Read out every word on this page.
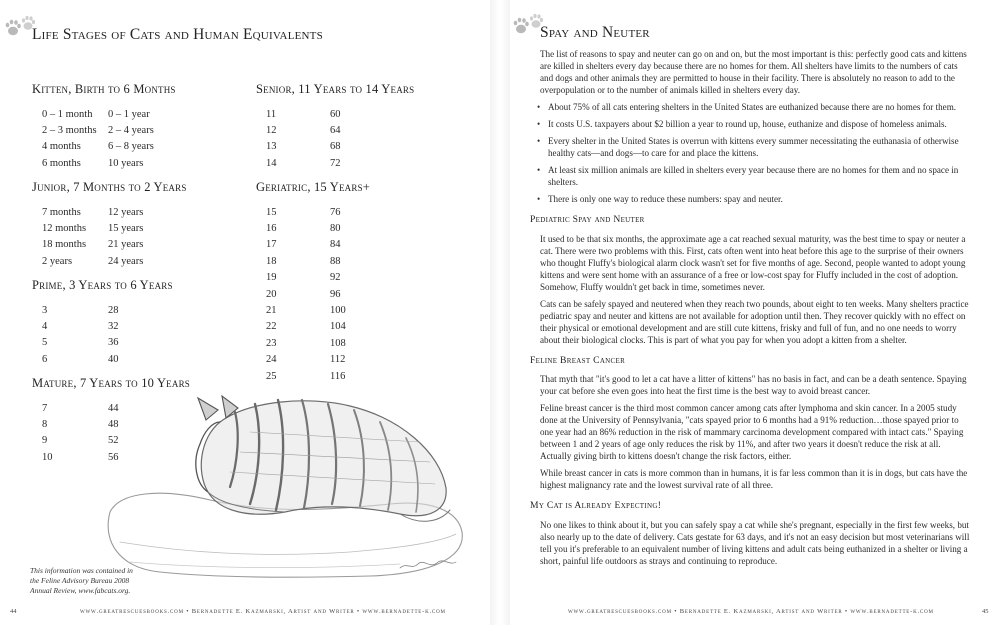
Life Stages of Cats and Human Equivalents
Kitten, Birth to 6 Months
0 – 1 month	0 – 1 year
2 – 3 months	2 – 4 years
4 months	6 – 8 years
6 months	10 years
Junior, 7 Months to 2 Years
7 months	12 years
12 months	15 years
18 months	21 years
2 years	24 years
Prime, 3 Years to 6 Years
3	28
4	32
5	36
6	40
Mature, 7 Years to 10 Years
7	44
8	48
9	52
10	56
Senior, 11 Years to 14 Years
11	60
12	64
13	68
14	72
Geriatric, 15 Years+
15	76
16	80
17	84
18	88
19	92
20	96
21	100
22	104
23	108
24	112
25	116
This information was contained in the Feline Advisory Bureau 2008 Annual Review, www.fabcats.org.
44	www.greatrescuesbooks.com • Bernadette E. Kazmarski, Artist and Writer • www.bernadette-k.com
Spay and Neuter

The list of reasons to spay and neuter can go on and on, but the most important is this: perfectly good cats and kittens are killed in shelters every day because there are no homes for them. All shelters have limits to the numbers of cats and dogs and other animals they are permitted to house in their facility. There is absolutely no reason to add to the overpopulation or to the number of animals killed in shelters every day.

• About 75% of all cats entering shelters in the United States are euthanized because there are no homes for them.
• It costs U.S. taxpayers about $2 billion a year to round up, house, euthanize and dispose of homeless animals.
• Every shelter in the United States is overrun with kittens every summer necessitating the euthanasia of otherwise healthy cats—and dogs—to care for and place the kittens.
• At least six million animals are killed in shelters every year because there are no homes for them and no space in shelters.
• There is only one way to reduce these numbers: spay and neuter.
Pediatric Spay and Neuter

It used to be that six months, the approximate age a cat reached sexual maturity, was the best time to spay or neuter a cat. There were two problems with this. First, cats often went into heat before this age to the surprise of their owners who thought Fluffy's biological alarm clock wasn't set for five months of age. Second, people wanted to adopt young kittens and were sent home with an assurance of a free or low-cost spay for Fluffy included in the cost of adoption. Somehow, Fluffy wouldn't get back in time, sometimes never.

Cats can be safely spayed and neutered when they reach two pounds, about eight to ten weeks. Many shelters practice pediatric spay and neuter and kittens are not available for adoption until then. They recover quickly with no effect on their physical or emotional development and are still cute kittens, frisky and full of fun, and no one needs to worry about their biological clocks. This is part of what you pay for when you adopt a kitten from a shelter.

Feline Breast Cancer

That myth that "it's good to let a cat have a litter of kittens" has no basis in fact, and can be a death sentence. Spaying your cat before she even goes into heat the first time is the best way to avoid breast cancer.

Feline breast cancer is the third most common cancer among cats after lymphoma and skin cancer. In a 2005 study done at the University of Pennsylvania, "cats spayed prior to 6 months had a 91% reduction…those spayed prior to one year had an 86% reduction in the risk of mammary carcinoma development compared with intact cats." Spaying between 1 and 2 years of age only reduces the risk by 11%, and after two years it doesn't reduce the risk at all. Actually giving birth to kittens doesn't change the risk factors, either.

While breast cancer in cats is more common than in humans, it is far less common than it is in dogs, but cats have the highest malignancy rate and the lowest survival rate of all three.

My Cat is Already Expecting!

No one likes to think about it, but you can safely spay a cat while she's pregnant, especially in the first few weeks, but also nearly up to the date of delivery. Cats gestate for 63 days, and it's not an easy decision but most veterinarians will tell you it's preferable to an equivalent number of living kittens and adult cats being euthanized in a shelter or living a short, painful life outdoors as strays and continuing to reproduce.

www.greatrescuesbooks.com • Bernadette E. Kazmarski, Artist and Writer • www.bernadette-k.com	45
